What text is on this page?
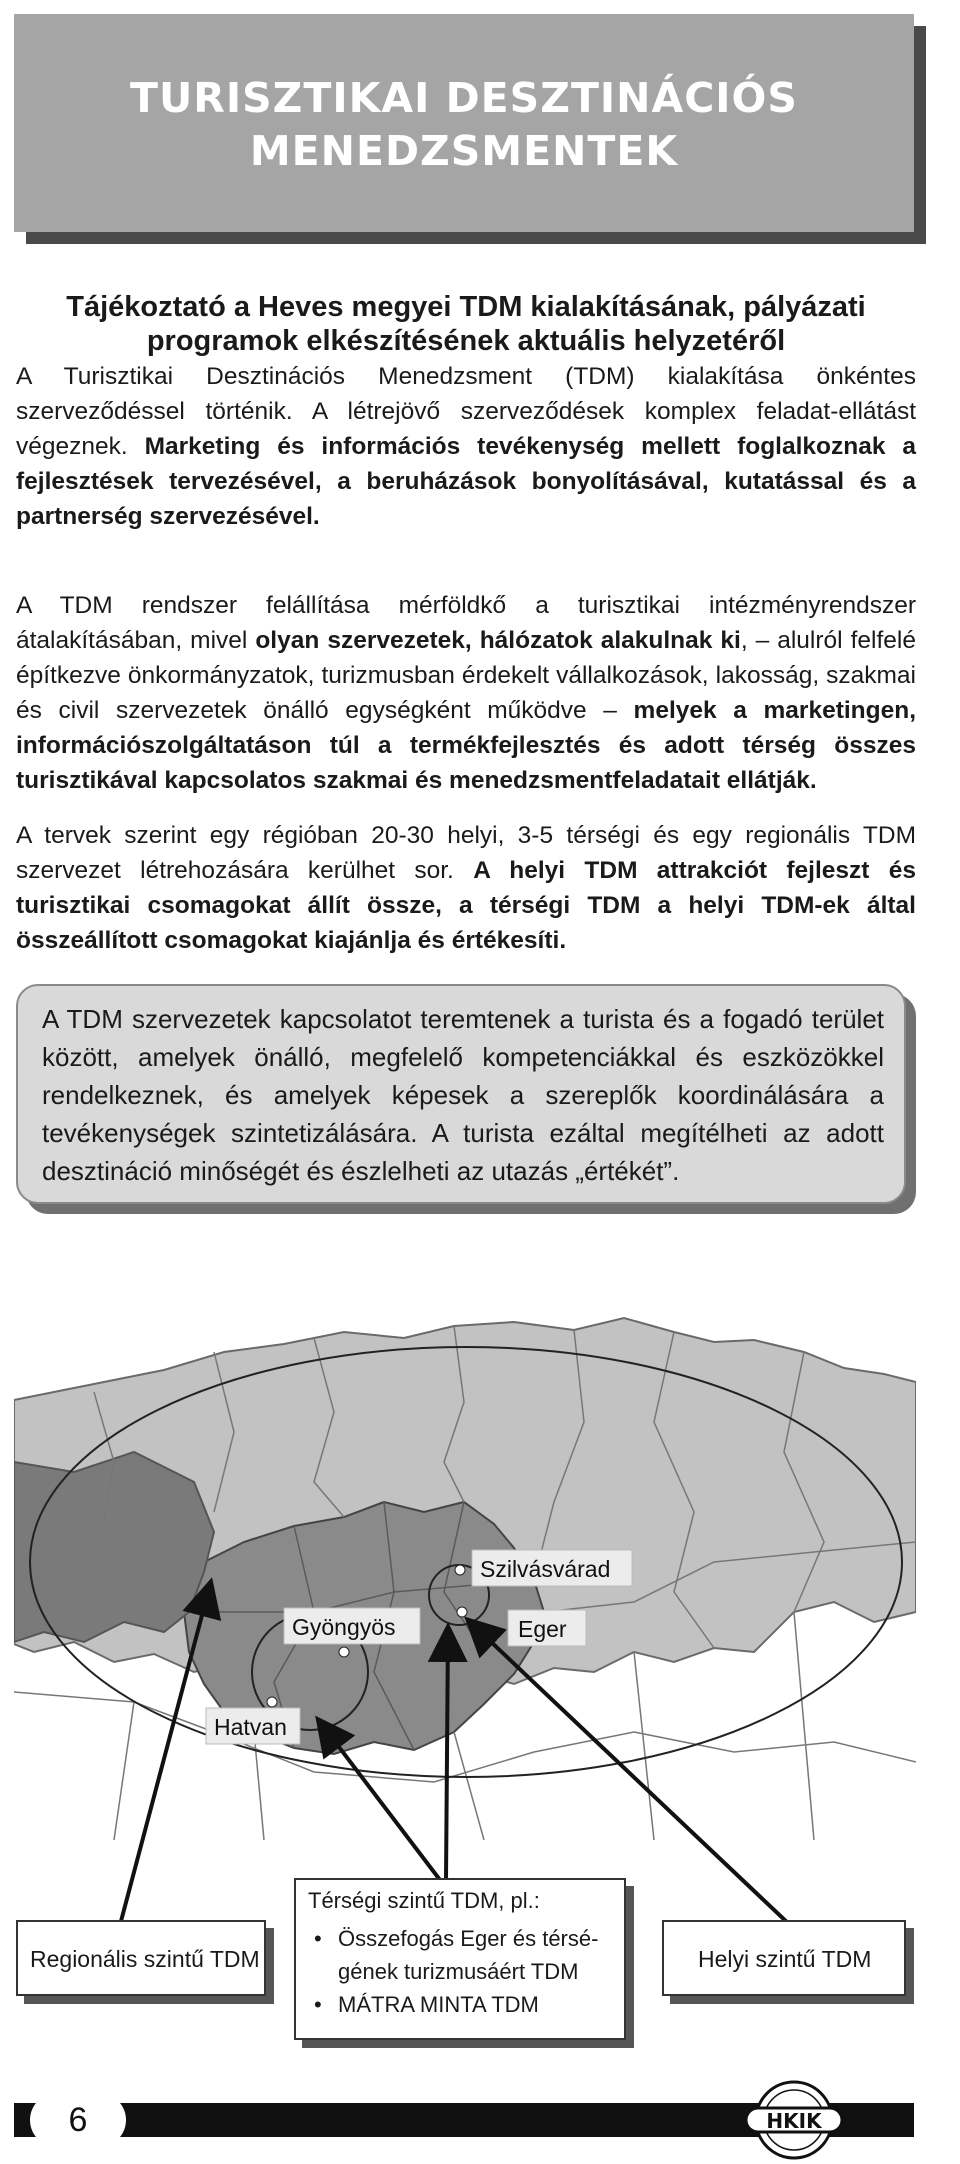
TURISZTIKAI DESZTINÁCIÓS
MENEDZSMENTEK
Tájékoztató a Heves megyei TDM kialakításának, pályázati
programok elkészítésének aktuális helyzetéről
A Turisztikai Desztinációs Menedzsment (TDM) kialakítása önkéntes szerveződéssel történik. A létrejövő szerveződések komplex feladat-ellátást végeznek. Marketing és információs tevékenység mellett foglalkoznak a fejlesztések tervezésével, a beruházások bonyolításával, kutatással és a partnerség szervezésével.
A TDM rendszer felállítása mérföldkő a turisztikai intézményrendszer átalakításában, mivel olyan szervezetek, hálózatok alakulnak ki, – alulról felfelé építkezve önkormányzatok, turizmusban érdekelt vállalkozások, lakosság, szakmai és civil szervezetek önálló egységként működve – melyek a marketingen, információszolgáltatáson túl a termékfejlesztés és adott térség összes turisztikával kapcsolatos szakmai és menedzsmentfeladatait ellátják.
A tervek szerint egy régióban 20-30 helyi, 3-5 térségi és egy regionális TDM szervezet létrehozására kerülhet sor. A helyi TDM attrakciót fejleszt és turisztikai csomagokat állít össze, a térségi TDM a helyi TDM-ek által összeállított csomagokat kiajánlja és értékesíti.
A TDM szervezetek kapcsolatot teremtenek a turista és a fogadó terület között, amelyek önálló, megfelelő kompetenciákkal és eszközökkel rendelkeznek, és amelyek képesek a szereplők koordinálására a tevékenységek szintetizálására. A turista ezáltal megítélheti az adott desztináció minőségét és észlelheti az utazás „értékét”.
Szilvásvárad
Gyöngyös	Eger
Hatvan
Regionális szintű TDM
Térségi szintű TDM, pl.:
• Összefogás Eger és térsé-
gének turizmusáért TDM
• MÁTRA MINTA TDM
Helyi szintű TDM
6	HKIK
